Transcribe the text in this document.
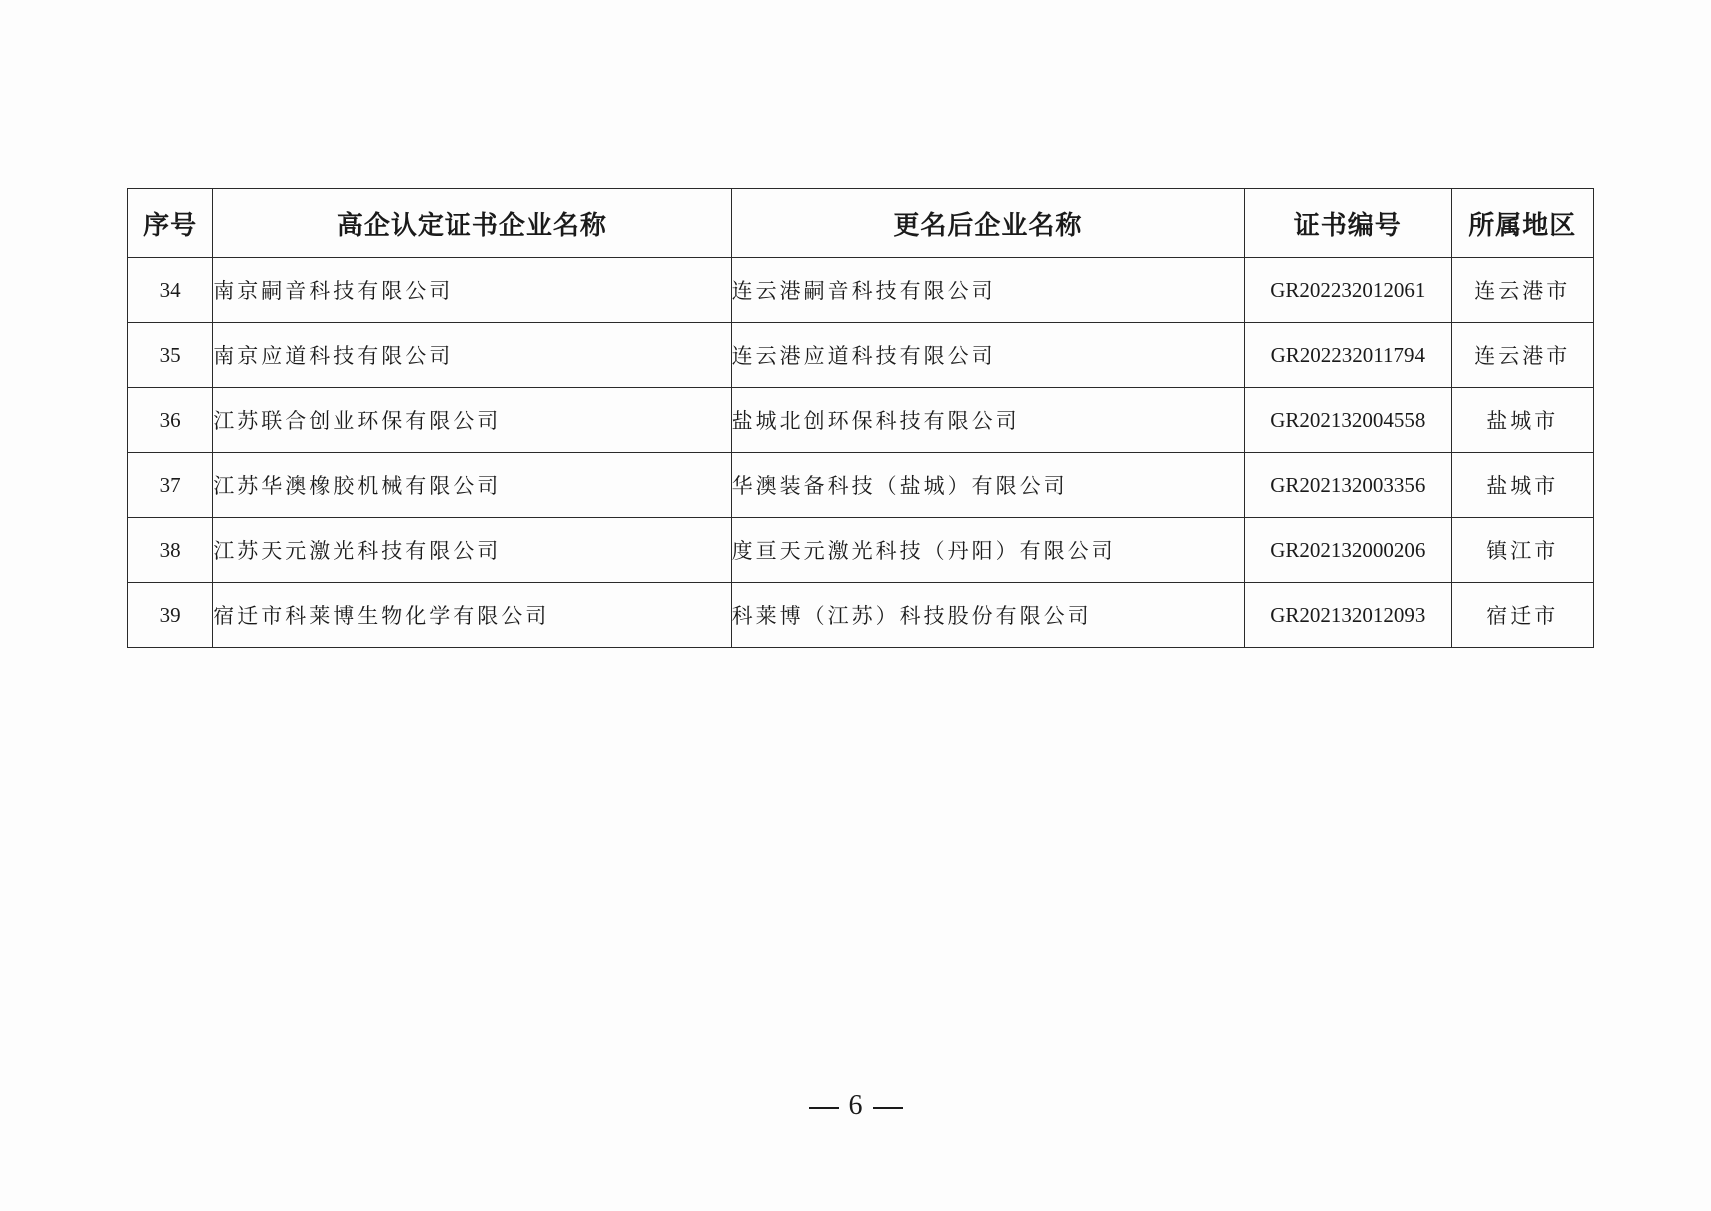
序号	高企认定证书企业名称	更名后企业名称	证书编号	所属地区
34	南京嗣音科技有限公司	连云港嗣音科技有限公司	GR202232012061	连云港市
35	南京应道科技有限公司	连云港应道科技有限公司	GR202232011794	连云港市
36	江苏联合创业环保有限公司	盐城北创环保科技有限公司	GR202132004558	盐城市
37	江苏华澳橡胶机械有限公司	华澳装备科技（盐城）有限公司	GR202132003356	盐城市
38	江苏天元激光科技有限公司	度亘天元激光科技（丹阳）有限公司	GR202132000206	镇江市
39	宿迁市科莱博生物化学有限公司	科莱博（江苏）科技股份有限公司	GR202132012093	宿迁市
6
